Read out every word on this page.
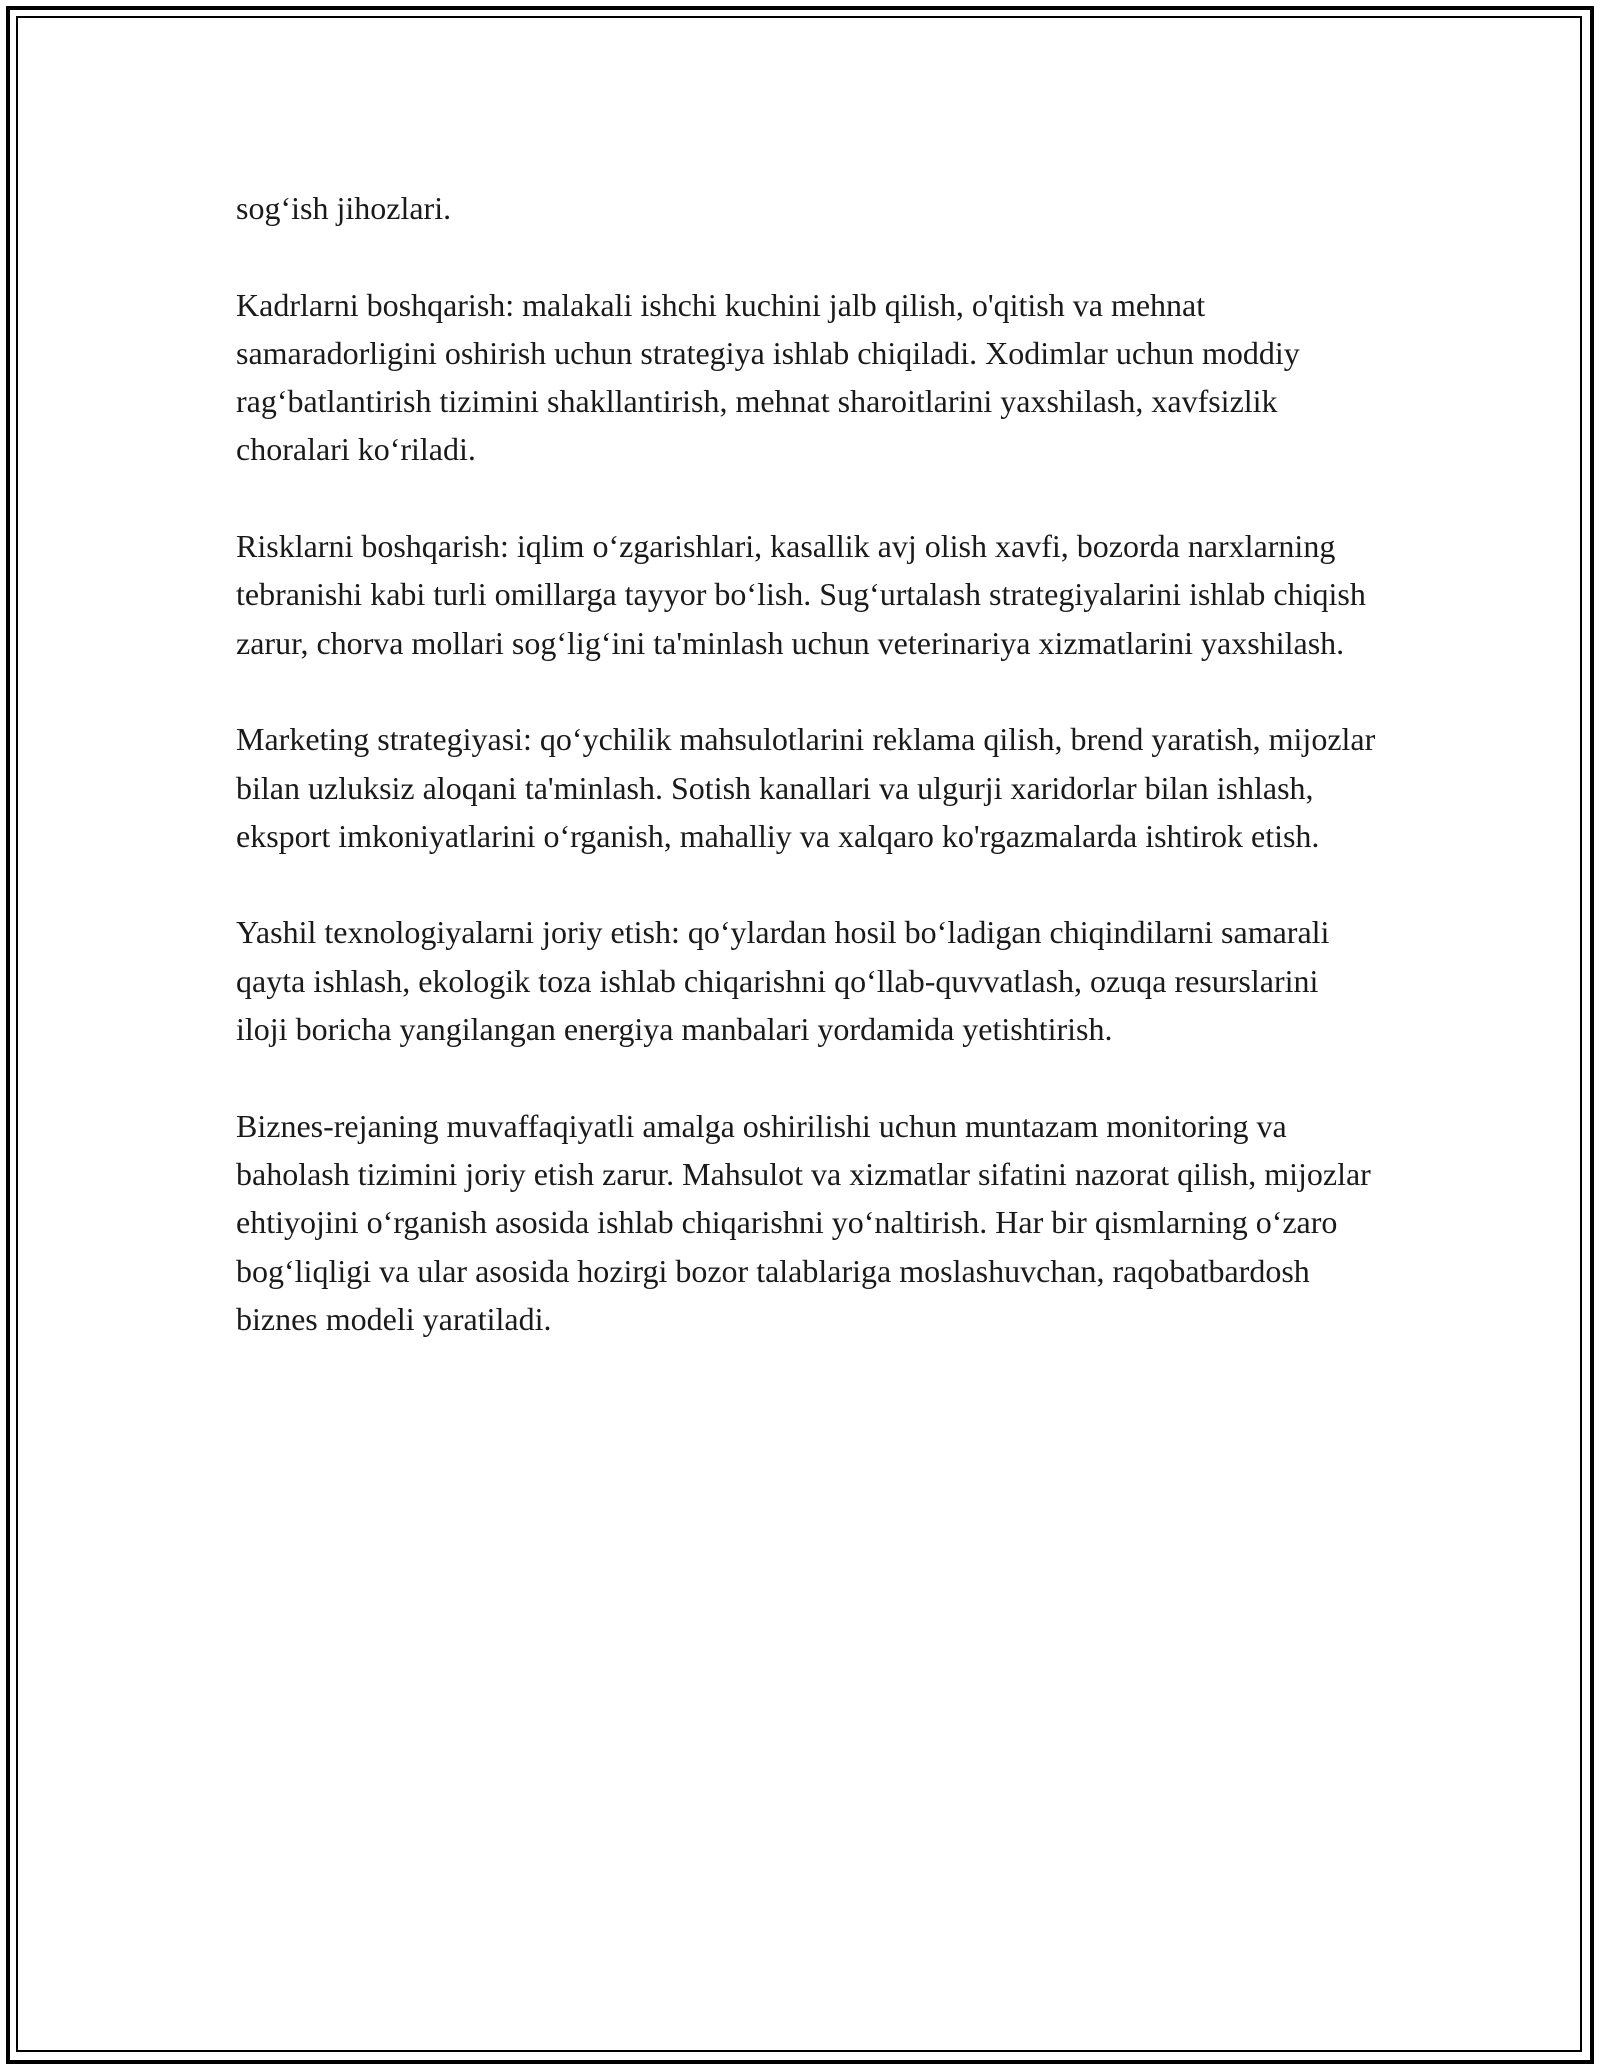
sog‘ish jihozlari.

Kadrlarni boshqarish: malakali ishchi kuchini jalb qilish, o'qitish va mehnat samaradorligini oshirish uchun strategiya ishlab chiqiladi. Xodimlar uchun moddiy rag‘batlantirish tizimini shakllantirish, mehnat sharoitlarini yaxshilash, xavfsizlik choralari ko‘riladi.

Risklarni boshqarish: iqlim o‘zgarishlari, kasallik avj olish xavfi, bozorda narxlarning tebranishi kabi turli omillarga tayyor bo‘lish. Sug‘urtalash strategiyalarini ishlab chiqish zarur, chorva mollari sog‘lig‘ini ta'minlash uchun veterinariya xizmatlarini yaxshilash.

Marketing strategiyasi: qo‘ychilik mahsulotlarini reklama qilish, brend yaratish, mijozlar bilan uzluksiz aloqani ta'minlash. Sotish kanallari va ulgurji xaridorlar bilan ishlash, eksport imkoniyatlarini o‘rganish, mahalliy va xalqaro ko'rgazmalarda ishtirok etish.

Yashil texnologiyalarni joriy etish: qo‘ylardan hosil bo‘ladigan chiqindilarni samarali qayta ishlash, ekologik toza ishlab chiqarishni qo‘llab-quvvatlash, ozuqa resurslarini iloji boricha yangilangan energiya manbalari yordamida yetishtirish.

Biznes-rejaning muvaffaqiyatli amalga oshirilishi uchun muntazam monitoring va baholash tizimini joriy etish zarur. Mahsulot va xizmatlar sifatini nazorat qilish, mijozlar ehtiyojini o‘rganish asosida ishlab chiqarishni yo‘naltirish. Har bir qismlarning o‘zaro bog‘liqligi va ular asosida hozirgi bozor talablariga moslashuvchan, raqobatbardosh biznes modeli yaratiladi.
